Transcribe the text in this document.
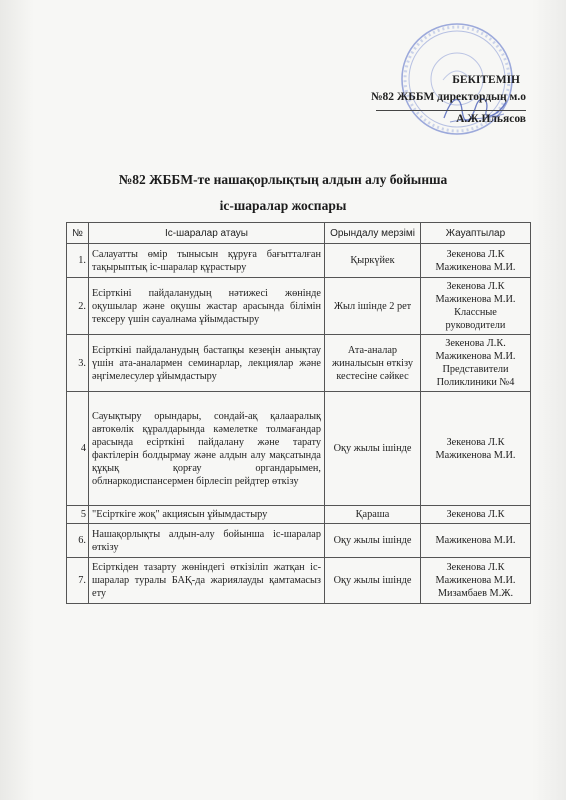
БЕКІТЕМІН
№82 ЖББМ директордың м.о
А.Ж.Ильясов
№82 ЖББМ-те нашақорлықтың алдын алу бойынша
іс-шаралар жоспары
№	Іс-шаралар атауы	Орындалу мерзімі	Жауаптылар
1.	Салауатты өмір тынысын құруға бағытталған тақырыптық іс-шаралар құрастыру	Қыркүйек	Зекенова Л.К
Мажикенова М.И.

2.	Есірткіні пайдаланудың нәтижесі жөнінде оқушылар және оқушы жастар арасында білімін тексеру үшін сауалнама ұйымдастыру	Жыл ішінде 2 рет	Зекенова Л.К
Мажикенова М.И.
Классные
руководители

3.	Есірткіні пайдаланудың бастапқы кезеңін анықтау үшін ата-аналармен семинарлар, лекциялар және әңгімелесулер ұйымдастыру	Ата-аналар жиналысын өткізу кестесіне сәйкес	Зекенова Л.К.
Мажикенова М.И.
Представители
Поликлиники №4

4	Сауықтыру орындары, сондай-ақ қалааралық автокөлік құралдарында кәмелетке толмағандар арасында есірткіні пайдалану және тарату фактілерін болдырмау және алдын алу мақсатында құқық қорғау органдарымен, облнаркодиспансермен бірлесіп рейдтер өткізу	Оқу жылы ішінде	Зекенова Л.К
Мажикенова М.И.

5	"Есірткіге жоқ" акциясын ұйымдастыру	Қараша	Зекенова Л.К

6.	Нашақорлықты алдын-алу бойынша іс-шаралар өткізу	Оқу жылы ішінде	Мажикенова М.И.

7.	Есірткіден тазарту жөніндегі өткізіліп жатқан іс-шаралар туралы БАҚ-да жариялауды қамтамасыз ету	Оқу жылы ішінде	Зекенова Л.К
Мажикенова М.И.
Мизамбаев М.Ж.
